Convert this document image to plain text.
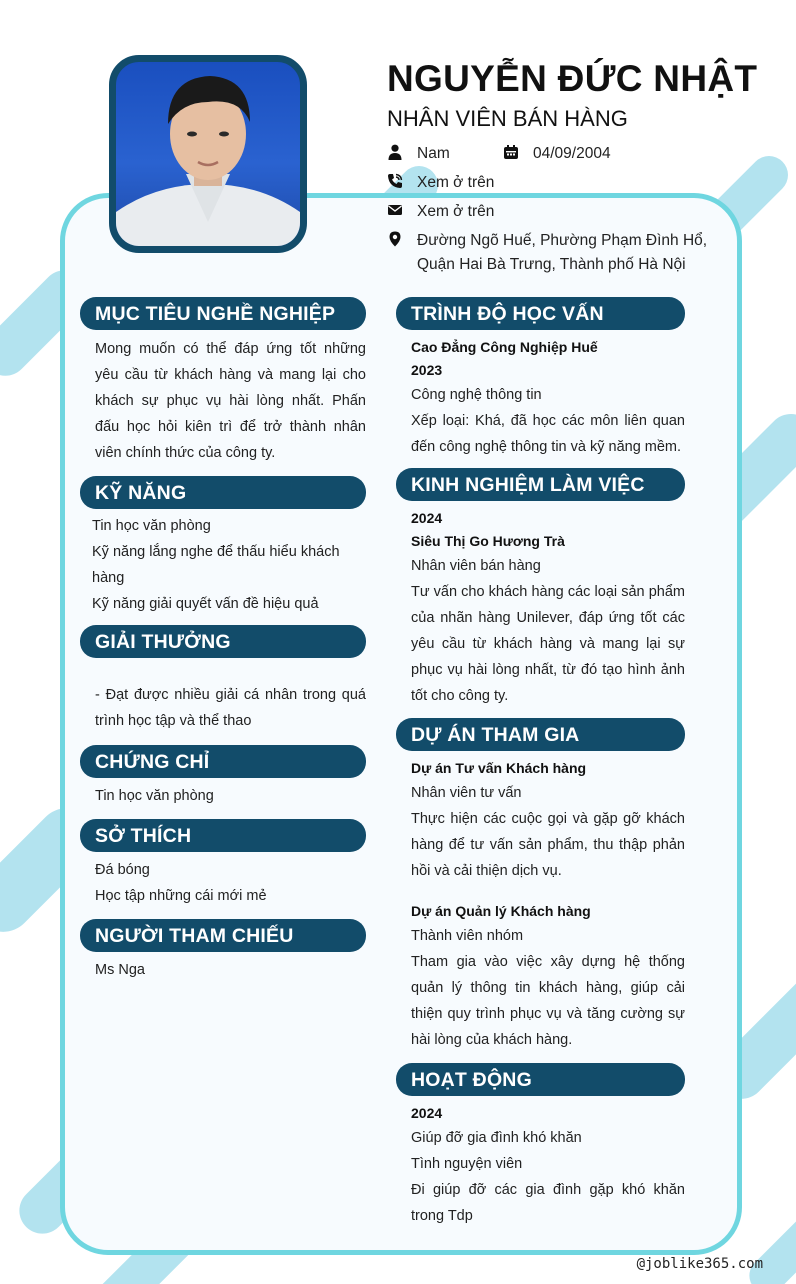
NGUYỄN ĐỨC NHẬT
NHÂN VIÊN BÁN HÀNG
Nam	04/09/2004
Xem ở trên
Xem ở trên
Đường Ngõ Huế, Phường Phạm Đình Hổ, Quận Hai Bà Trưng, Thành phố Hà Nội
MỤC TIÊU NGHỀ NGHIỆP
Mong muốn có thể đáp ứng tốt những yêu cầu từ khách hàng và mang lại cho khách sự phục vụ hài lòng nhất. Phấn đấu học hỏi kiên trì để trở thành nhân viên chính thức của công ty.
KỸ NĂNG
Tin học văn phòng
Kỹ năng lắng nghe để thấu hiểu khách hàng
Kỹ năng giải quyết vấn đề hiệu quả
GIẢI THƯỞNG
- Đạt được nhiều giải cá nhân trong quá trình học tập và thể thao
CHỨNG CHỈ
Tin học văn phòng
SỞ THÍCH
Đá bóng
Học tập những cái mới mẻ
NGƯỜI THAM CHIẾU
Ms Nga
TRÌNH ĐỘ HỌC VẤN
Cao Đẳng Công Nghiệp Huế
2023
Công nghệ thông tin
Xếp loại: Khá, đã học các môn liên quan đến công nghệ thông tin và kỹ năng mềm.
KINH NGHIỆM LÀM VIỆC
2024
Siêu Thị Go Hương Trà
Nhân viên bán hàng
Tư vấn cho khách hàng các loại sản phẩm của nhãn hàng Unilever, đáp ứng tốt các yêu cầu từ khách hàng và mang lại sự phục vụ hài lòng nhất, từ đó tạo hình ảnh tốt cho công ty.
DỰ ÁN THAM GIA
Dự án Tư vấn Khách hàng
Nhân viên tư vấn
Thực hiện các cuộc gọi và gặp gỡ khách hàng để tư vấn sản phẩm, thu thập phản hồi và cải thiện dịch vụ.
Dự án Quản lý Khách hàng
Thành viên nhóm
Tham gia vào việc xây dựng hệ thống quản lý thông tin khách hàng, giúp cải thiện quy trình phục vụ và tăng cường sự hài lòng của khách hàng.
HOẠT ĐỘNG
2024
Giúp đỡ gia đình khó khăn
Tình nguyện viên
Đi giúp đỡ các gia đình gặp khó khăn trong Tdp
@joblike365.com
